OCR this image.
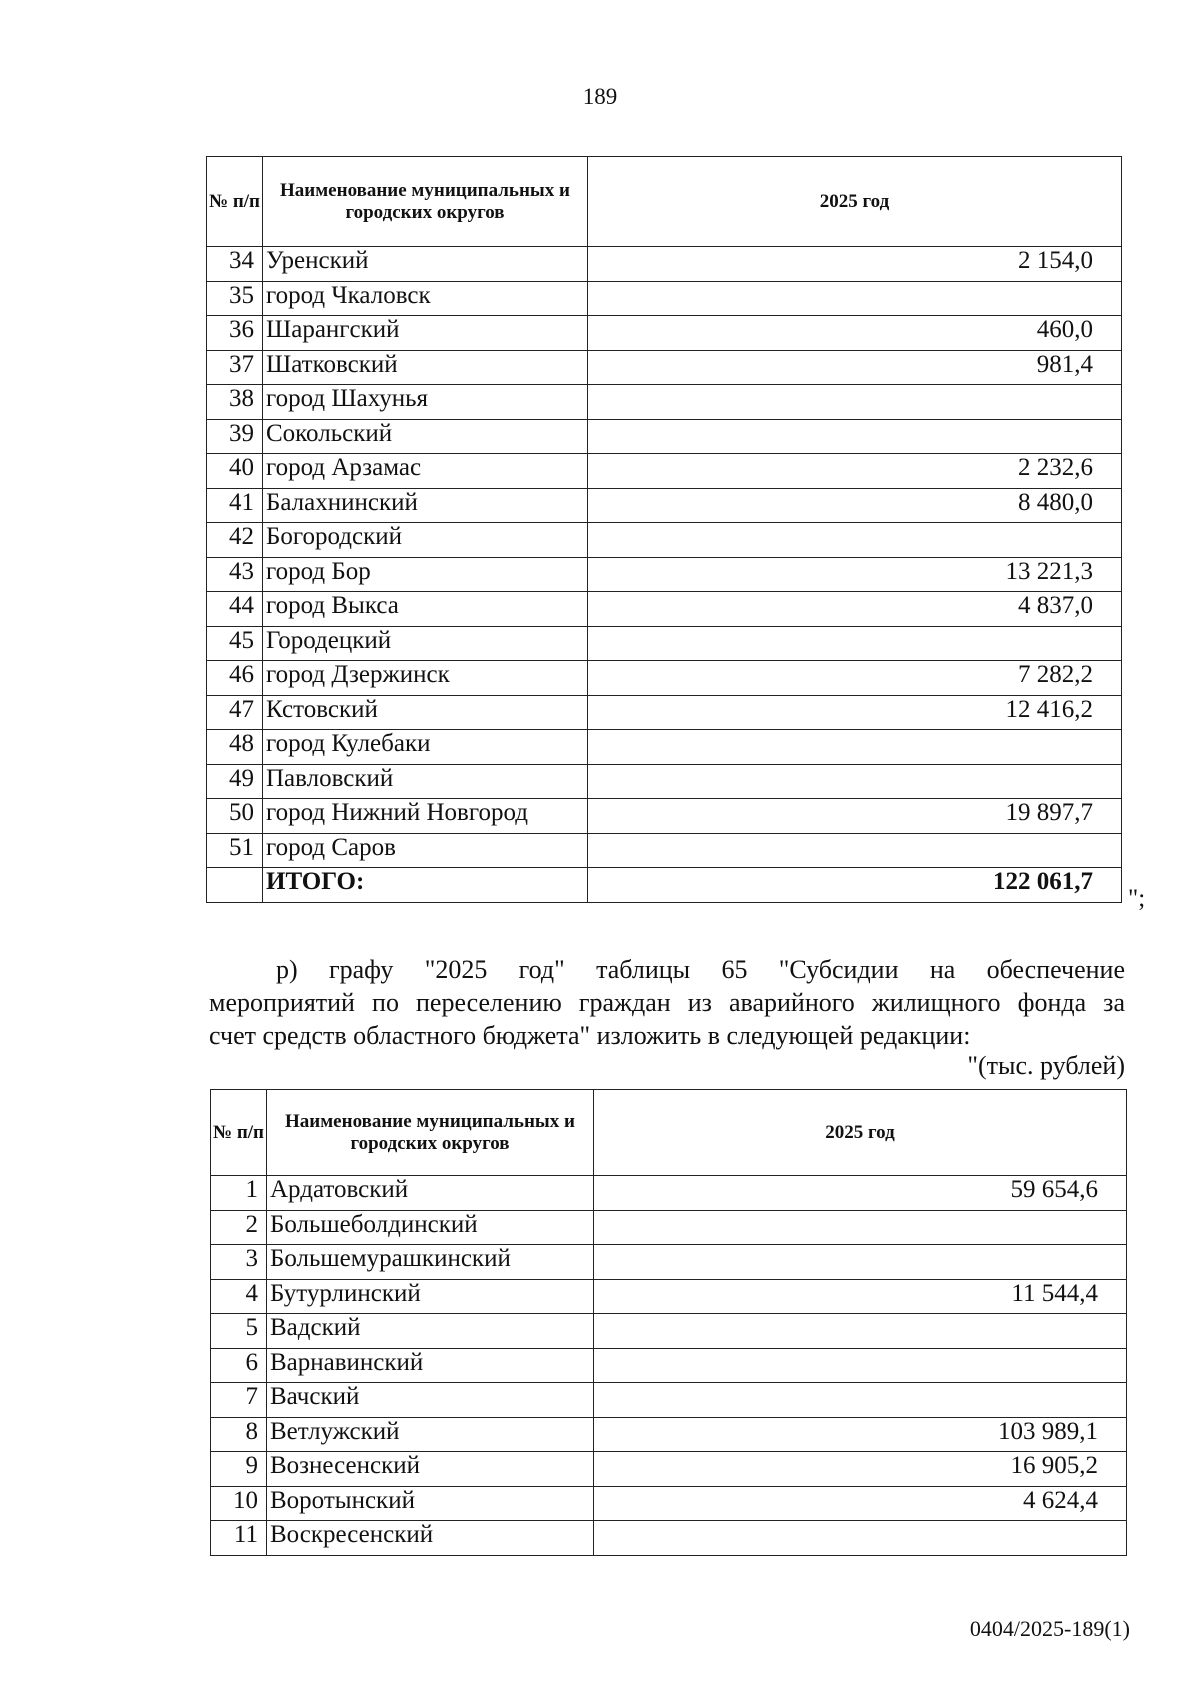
189
№ п/п	Наименование муниципальных и городских округов	2025 год
34	Уренский	2 154,0
35	город Чкаловск	
36	Шарангский	460,0
37	Шатковский	981,4
38	город Шахунья	
39	Сокольский	
40	город Арзамас	2 232,6
41	Балахнинский	8 480,0
42	Богородский	
43	город Бор	13 221,3
44	город Выкса	4 837,0
45	Городецкий	
46	город Дзержинск	7 282,2
47	Кстовский	12 416,2
48	город Кулебаки	
49	Павловский	
50	город Нижний Новгород	19 897,7
51	город Саров	
	ИТОГО:	122 061,7
";
р) графу "2025 год" таблицы 65 "Субсидии на обеспечение
мероприятий по переселению граждан из аварийного жилищного фонда за
счет средств областного бюджета" изложить в следующей редакции:
"(тыс. рублей)
№ п/п	Наименование муниципальных и городских округов	2025 год
1	Ардатовский	59 654,6
2	Большеболдинский	
3	Большемурашкинский	
4	Бутурлинский	11 544,4
5	Вадский	
6	Варнавинский	
7	Вачский	
8	Ветлужский	103 989,1
9	Вознесенский	16 905,2
10	Воротынский	4 624,4
11	Воскресенский	
0404/2025-189(1)
